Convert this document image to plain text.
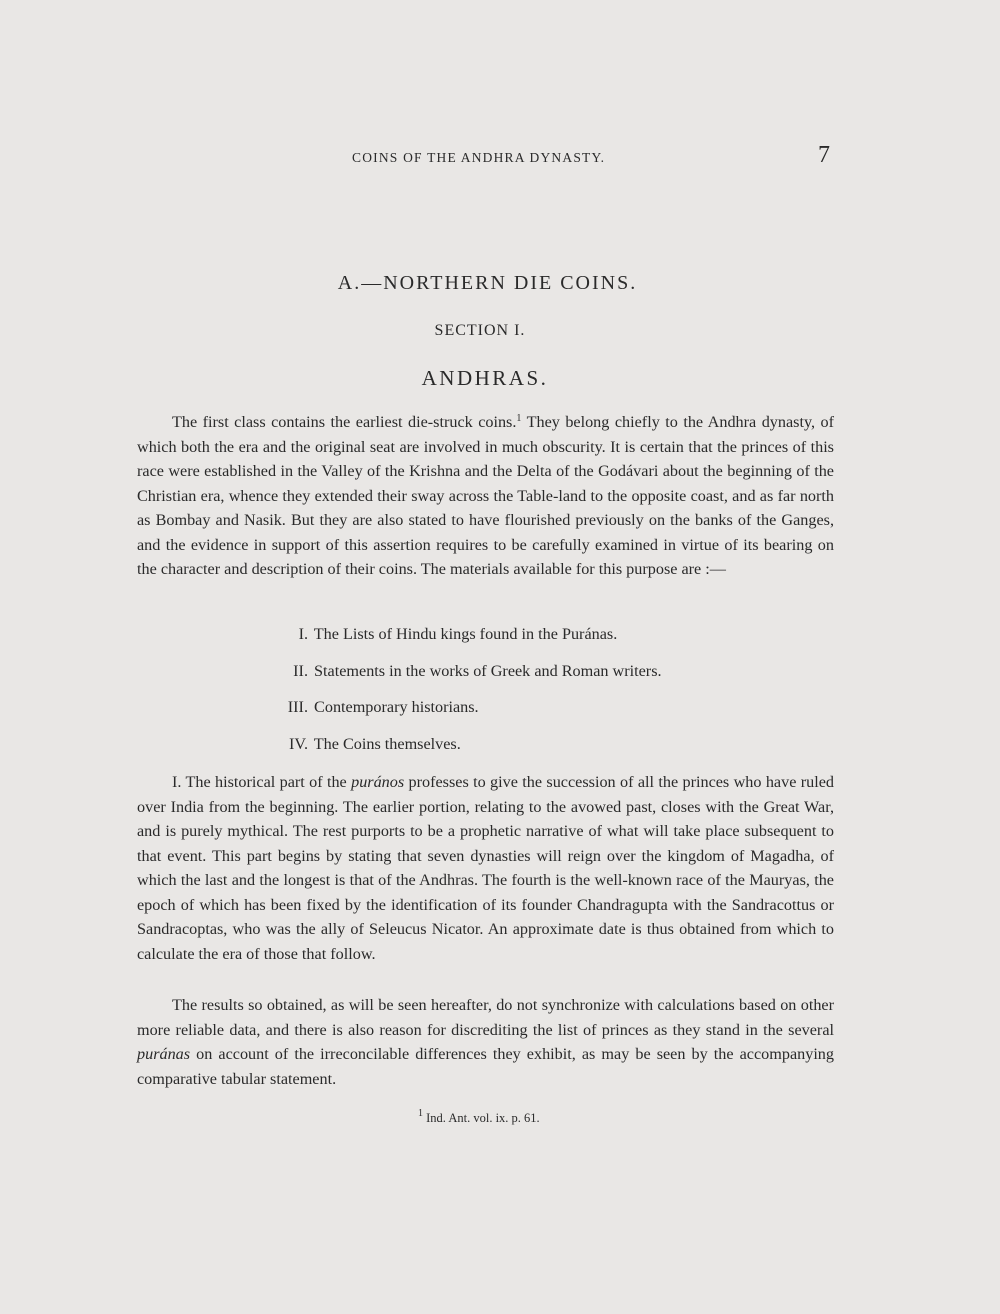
COINS OF THE ANDHRA DYNASTY.	7
A.—NORTHERN DIE COINS.
SECTION I.
ANDHRAS.

The first class contains the earliest die-struck coins.$^1$ They belong chiefly to the Andhra dynasty, of which both the era and the original seat are involved in much obscurity. It is certain that the princes of this race were established in the Valley of the Krishna and the Delta of the Godávari about the beginning of the Christian era, whence they extended their sway across the Table-land to the opposite coast, and as far north as Bombay and Nasik. But they are also stated to have flourished previously on the banks of the Ganges, and the evidence in support of this assertion requires to be carefully examined in virtue of its bearing on the character and description of their coins. The materials available for this purpose are :—

I. The Lists of Hindu kings found in the Puránas.
II. Statements in the works of Greek and Roman writers.
III. Contemporary historians.
IV. The Coins themselves.

I. The historical part of the purános professes to give the succession of all the princes who have ruled over India from the beginning. The earlier portion, relating to the avowed past, closes with the Great War, and is purely mythical. The rest purports to be a prophetic narrative of what will take place subsequent to that event. This part begins by stating that seven dynasties will reign over the kingdom of Magadha, of which the last and the longest is that of the Andhras. The fourth is the well-known race of the Mauryas, the epoch of which has been fixed by the identification of its founder Chandragupta with the Sandracottus or Sandracoptas, who was the ally of Seleucus Nicator. An approximate date is thus obtained from which to calculate the era of those that follow.

The results so obtained, as will be seen hereafter, do not synchronize with calculations based on other more reliable data, and there is also reason for discrediting the list of princes as they stand in the several puránas on account of the irreconcilable differences they exhibit, as may be seen by the accompanying comparative tabular statement.

$^1$ Ind. Ant. vol. ix. p. 61.
